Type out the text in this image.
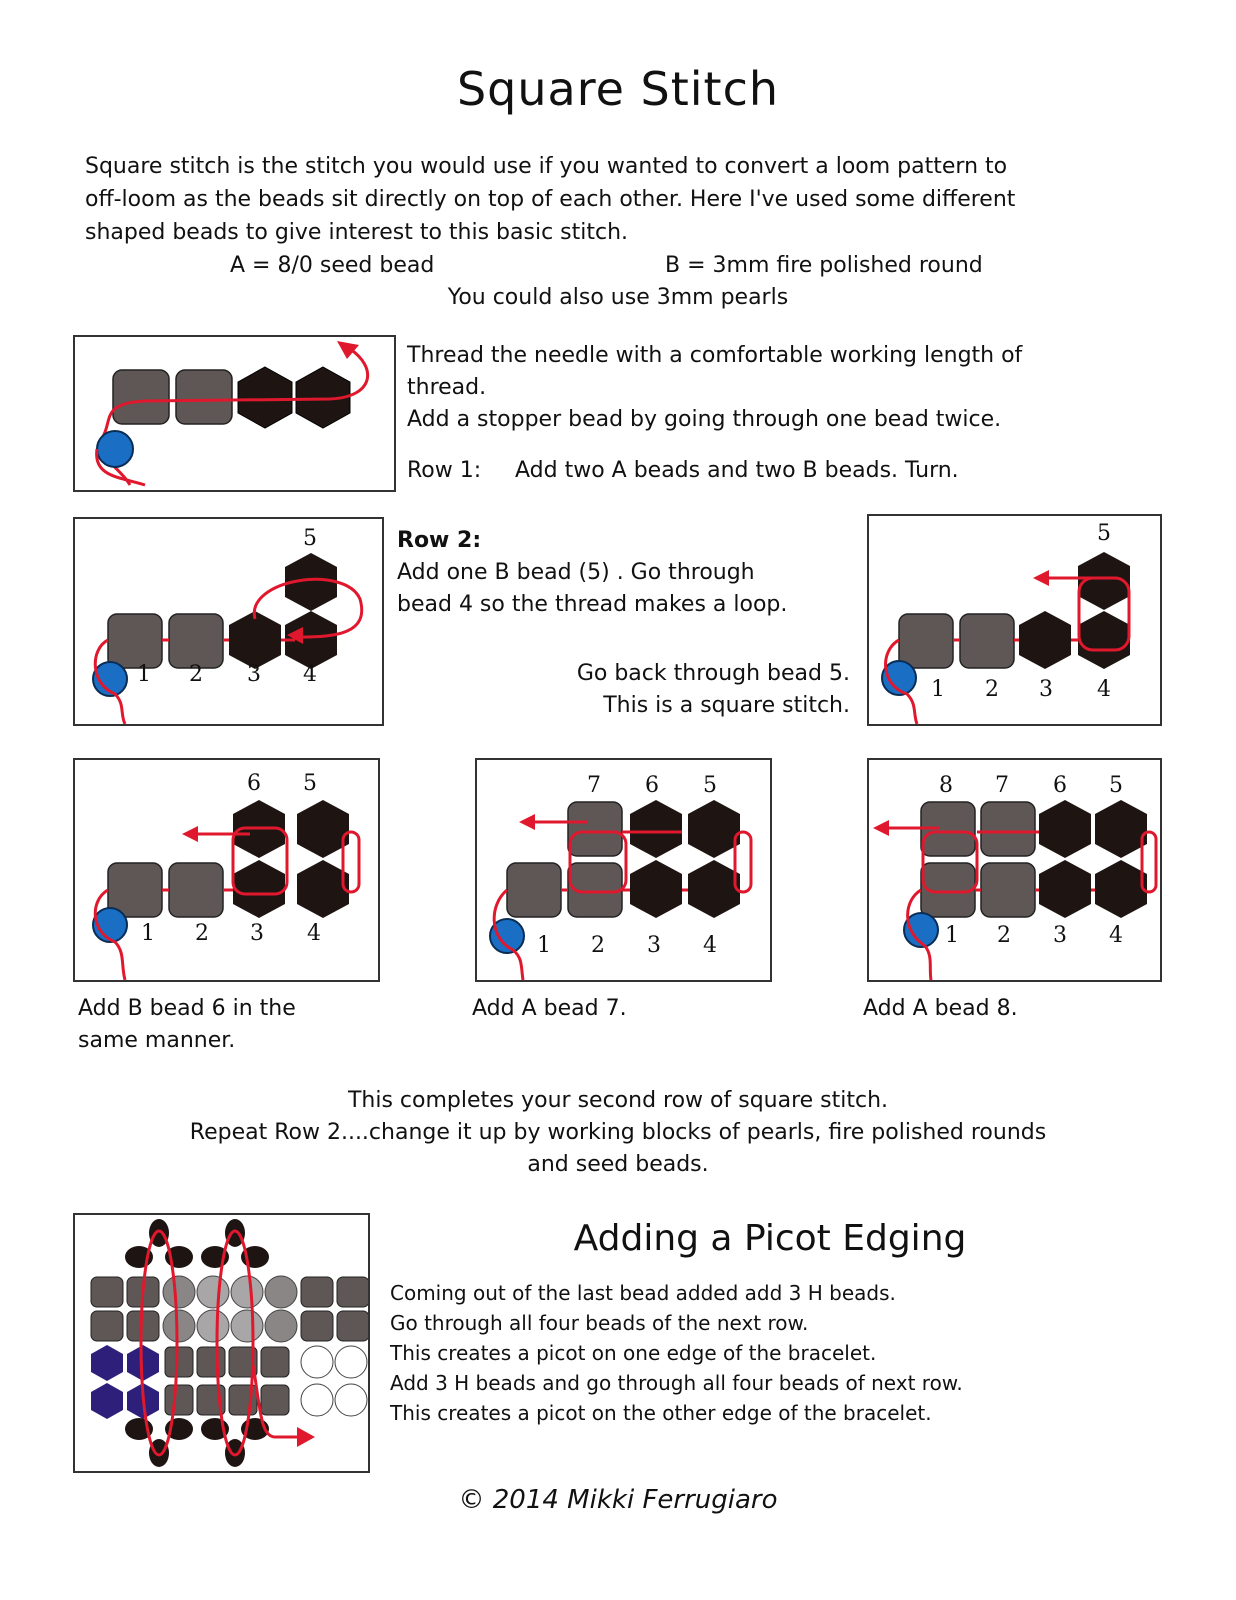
Square Stitch

Square stitch is the stitch you would use if you wanted to convert a loom pattern to

off-loom as the beads sit directly on top of each other. Here I've used some different

shaped beads to give interest to this basic stitch.

A = 8/0 seed bead	B = 3mm fire polished round
You could also use 3mm pearls

Thread the needle with a comfortable working length of

thread.

Add a stopper bead by going through one bead twice.

Row 1: Add two A beads and two B beads. Turn.
1 2 3 4
5	Row 2:

Add one B bead (5) . Go through

bead 4 so the thread makes a loop.

Go back through bead 5.

This is a square stitch.

1 2 3 4
5
1 2 3 4
6 5
1 2 3 4
7 6 5
1 2 3 4
8 7 6 5

Add B bead 6 in the

same manner.

Add A bead 7.	Add A bead 8.

This completes your second row of square stitch.

Repeat Row 2....change it up by working blocks of pearls, fire polished rounds

and seed beads.

Adding a Picot Edging

Coming out of the last bead added add 3 H beads.

Go through all four beads of the next row.

This creates a picot on one edge of the bracelet.

Add 3 H beads and go through all four beads of next row.

This creates a picot on the other edge of the bracelet.

© 2014 Mikki Ferrugiaro
